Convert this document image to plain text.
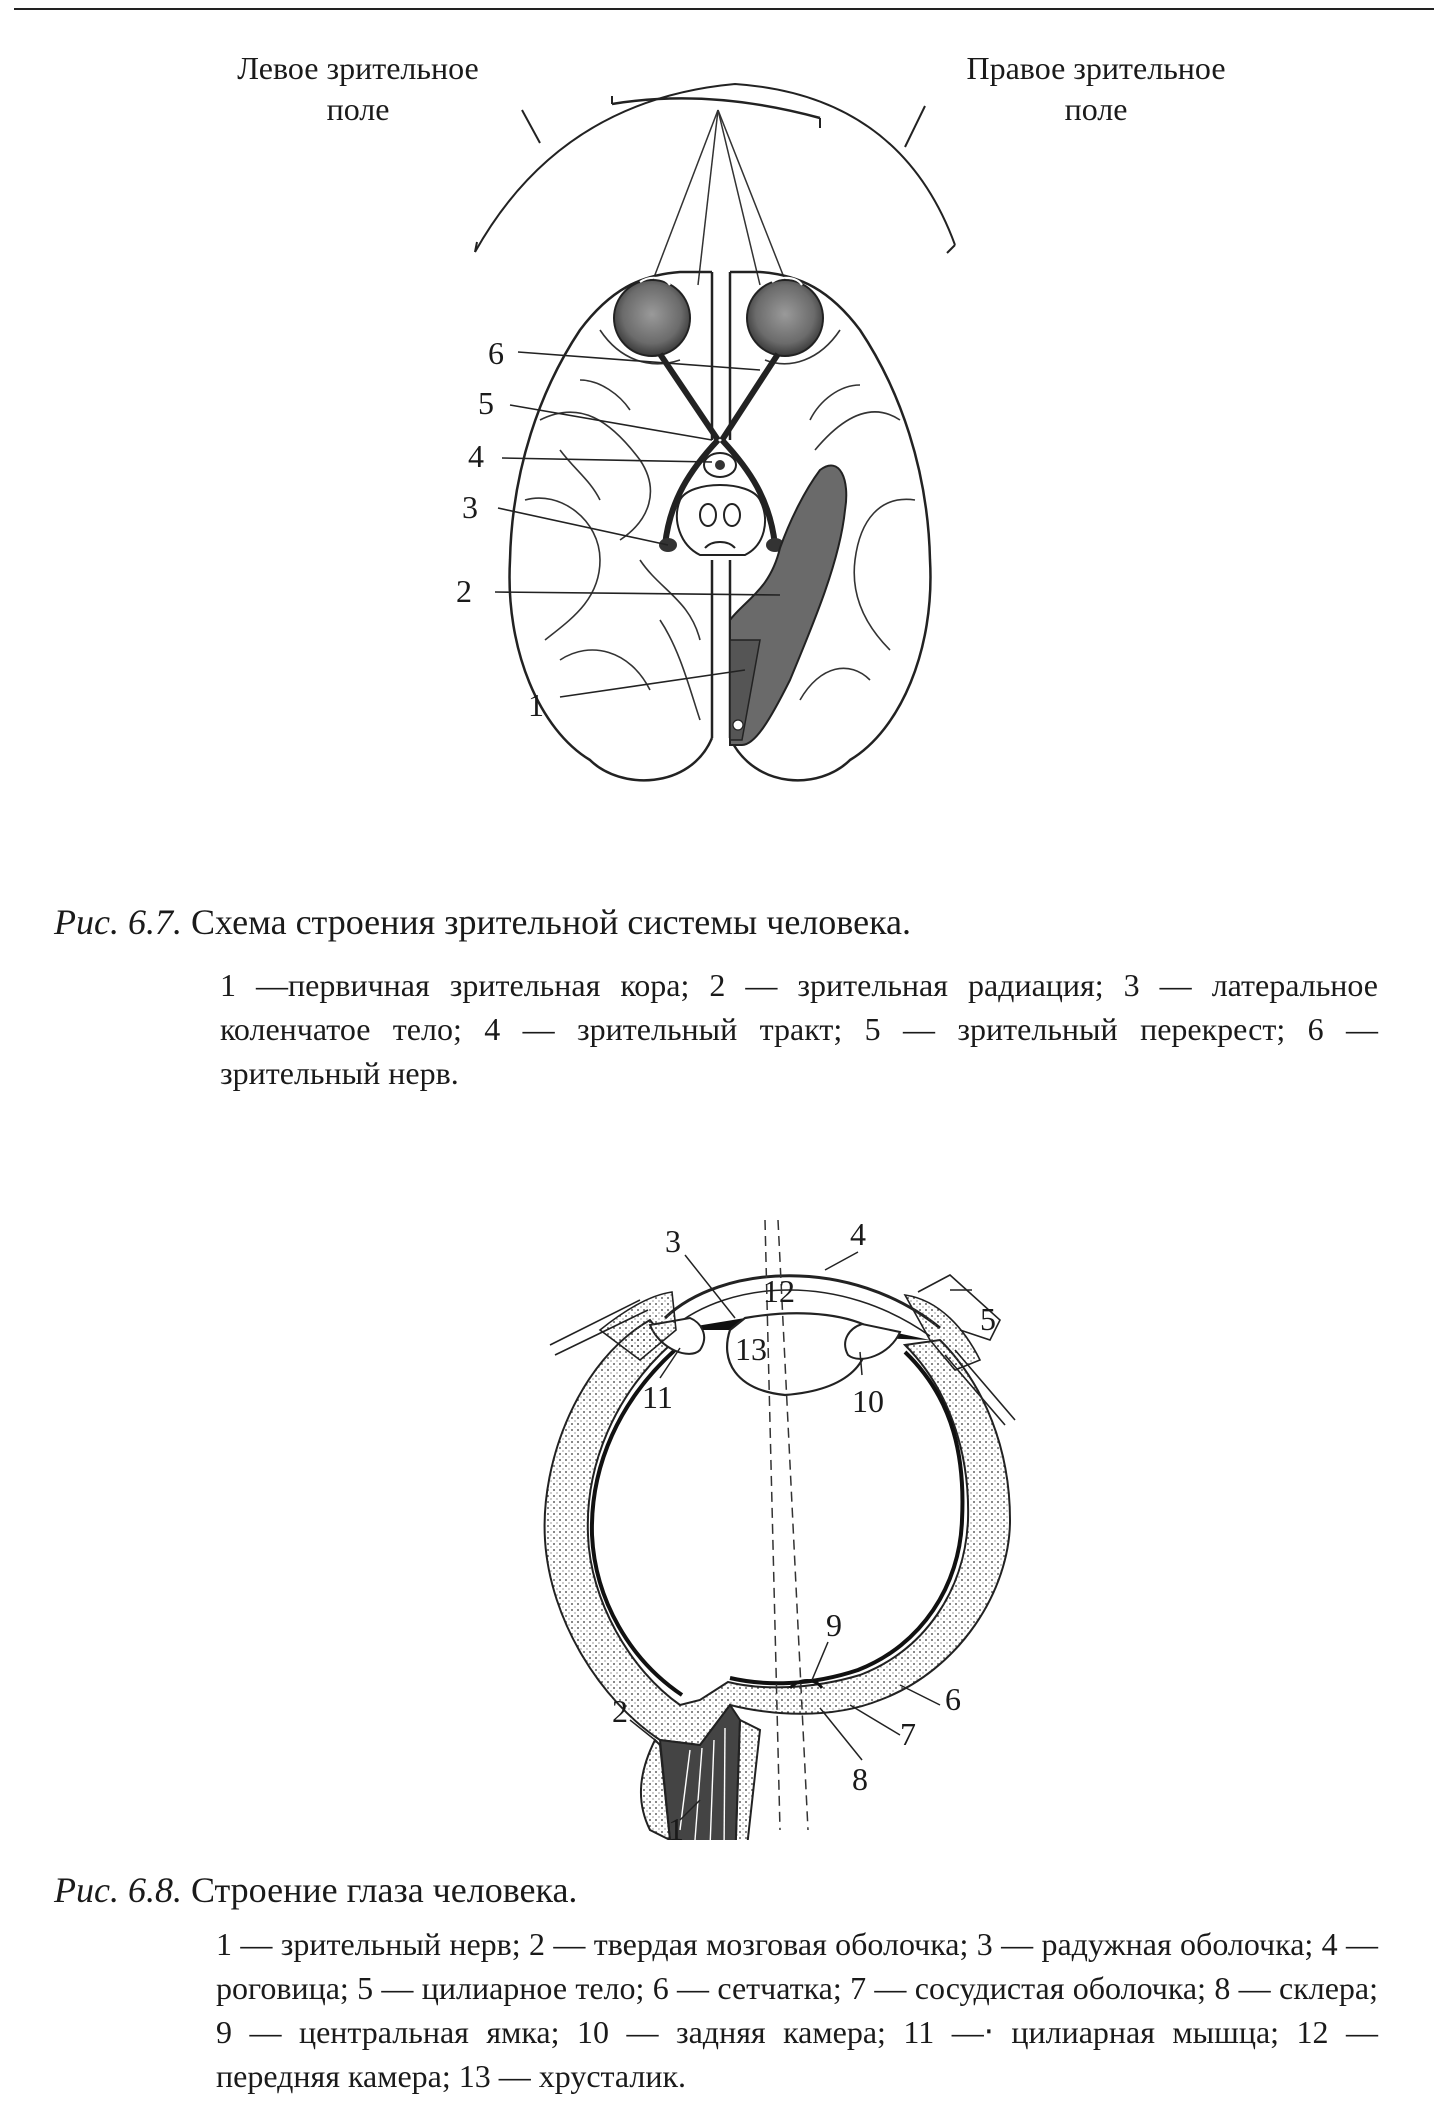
6
5
4
3
2
1
Левое зрительное
поле
Правое зрительное
поле
Рис. 6.7. Схема строения зрительной системы человека.
1 —первичная зрительная кора; 2 — зрительная радиация; 3 — латеральное коленчатое тело; 4 — зрительный тракт; 5 — зрительный перекрест; 6 — зрительный нерв.
3	4
12
5
13
11	10
9
2	6
7
1
8
Рис. 6.8. Строение глаза человека.
1 — зрительный нерв; 2 — твердая мозговая оболочка; 3 — радужная оболочка; 4 — роговица; 5 — цилиарное тело; 6 — сетчатка; 7 — сосудистая оболочка; 8 — склера; 9 — центральная ямка; 10 — задняя камера; 11 —‧ цилиарная мышца; 12 — передняя камера; 13 — хрусталик.
